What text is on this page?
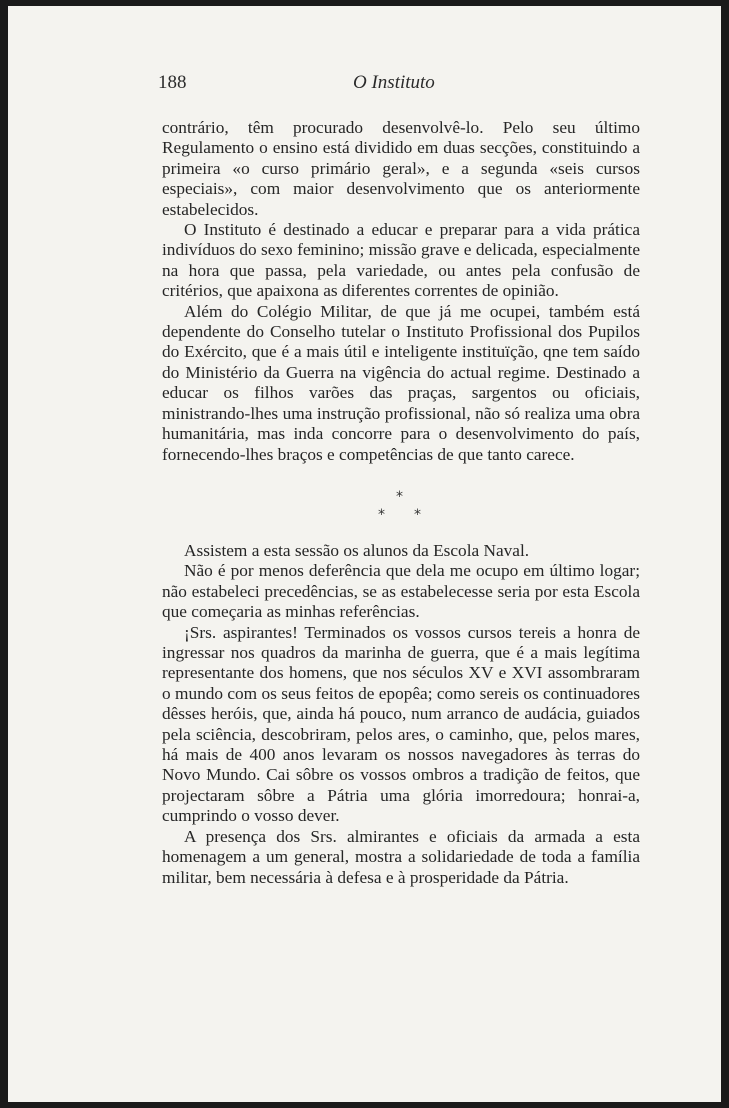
188	O Instituto

contrário, têm procurado desenvolvê-lo. Pelo seu último Regulamento o ensino está dividido em duas secções, constituindo a primeira «o curso primário geral», e a segunda «seis cursos especiais», com maior desenvolvimento que os anteriormente estabelecidos.

O Instituto é destinado a educar e preparar para a vida prática indivíduos do sexo feminino; missão grave e delicada, especialmente na hora que passa, pela variedade, ou antes pela confusão de critérios, que apaixona as diferentes correntes de opinião.

Além do Colégio Militar, de que já me ocupei, também está dependente do Conselho tutelar o Instituto Profissional dos Pupilos do Exército, que é a mais útil e inteligente instituïção, qne tem saído do Ministério da Guerra na vigência do actual regime. Destinado a educar os filhos varões das praças, sargentos ou oficiais, ministrando-lhes uma instrução profissional, não só realiza uma obra humanitária, mas inda concorre para o desenvolvimento do país, fornecendo-lhes braços e competências de que tanto carece.

*
* *

Assistem a esta sessão os alunos da Escola Naval.

Não é por menos deferência que dela me ocupo em último logar; não estabeleci precedências, se as estabelecesse seria por esta Escola que começaria as minhas referências.

¡Srs. aspirantes! Terminados os vossos cursos tereis a honra de ingressar nos quadros da marinha de guerra, que é a mais legítima representante dos homens, que nos séculos XV e XVI assombraram o mundo com os seus feitos de epopêa; como sereis os continuadores dêsses heróis, que, ainda há pouco, num arranco de audácia, guiados pela sciência, descobriram, pelos ares, o caminho, que, pelos mares, há mais de 400 anos levaram os nossos navegadores às terras do Novo Mundo. Cai sôbre os vossos ombros a tradição de feitos, que projectaram sôbre a Pátria uma glória imorredoura; honrai-a, cumprindo o vosso dever.

A presença dos Srs. almirantes e oficiais da armada a esta homenagem a um general, mostra a solidariedade de toda a família militar, bem necessária à defesa e à prosperidade da Pátria.
